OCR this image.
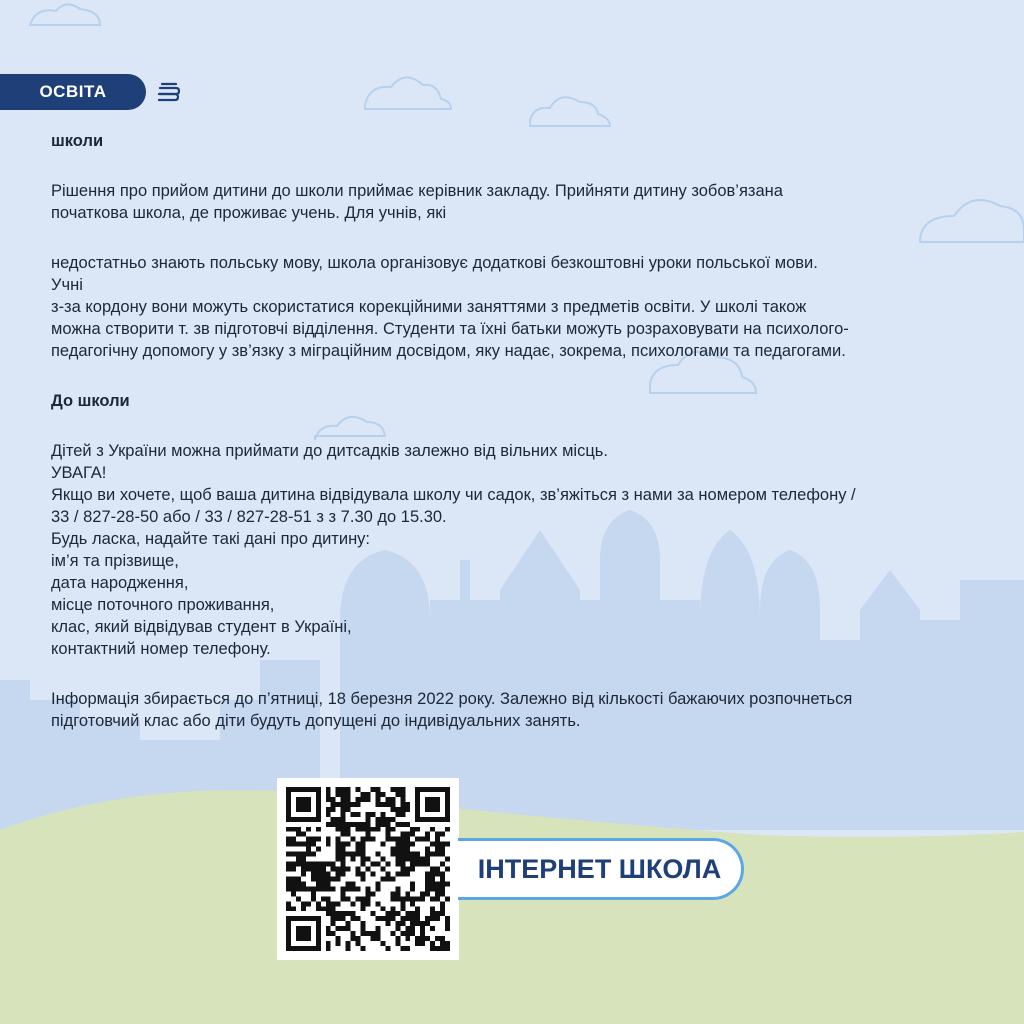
ОСВІТА

школи

Рішення про прийом дитини до школи приймає керівник закладу. Прийняти дитину зобов’язана

початкова школа, де проживає учень. Для учнів, які

недостатньо знають польську мову, школа організовує додаткові безкоштовні уроки польської мови.

Учні

з-за кордону вони можуть скористатися корекційними заняттями з предметів освіти. У школі також

можна створити т. зв підготовчі відділення. Студенти та їхні батьки можуть розраховувати на психолого-

педагогічну допомогу у зв’язку з міграційним досвідом, яку надає, зокрема, психологами та педагогами.

До школи

Дітей з України можна приймати до дитсадків залежно від вільних місць.

УВАГА!

Якщо ви хочете, щоб ваша дитина відвідувала школу чи садок, зв’яжіться з нами за номером телефону /

33 / 827-28-50 або / 33 / 827-28-51 з з 7.30 до 15.30.

Будь ласка, надайте такі дані про дитину:

ім’я та прізвище,

дата народження,

місце поточного проживання,

клас, який відвідував студент в Україні,

контактний номер телефону.

Інформація збирається до п’ятниці, 18 березня 2022 року. Залежно від кількості бажаючих розпочнеться

підготовчий клас або діти будуть допущені до індивідуальних занять.

ІНТЕРНЕТ ШКОЛА
